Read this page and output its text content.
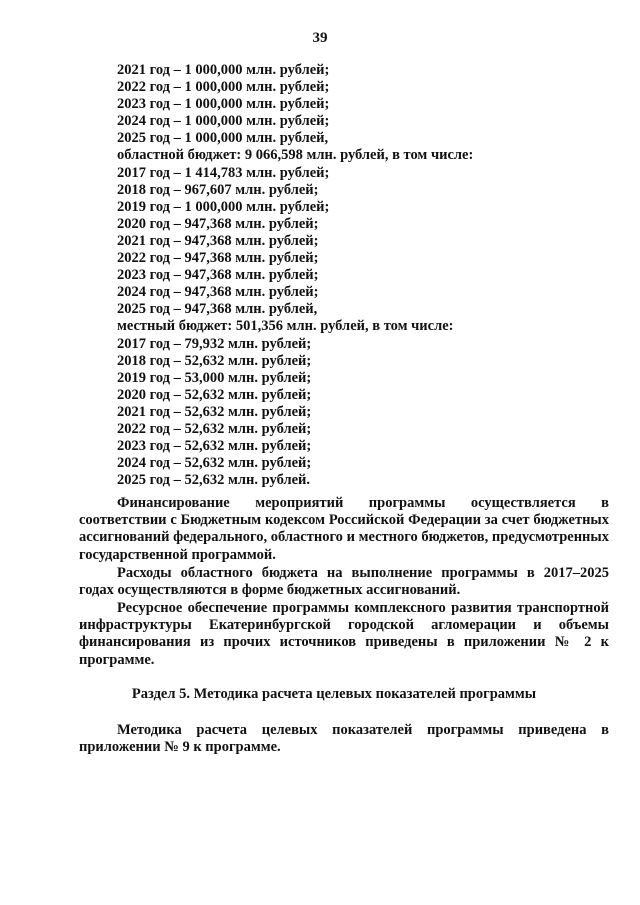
39
2021 год – 1 000,000 млн. рублей;
2022 год – 1 000,000 млн. рублей;
2023 год – 1 000,000 млн. рублей;
2024 год – 1 000,000 млн. рублей;
2025 год – 1 000,000 млн. рублей,
областной бюджет: 9 066,598 млн. рублей, в том числе:
2017 год – 1 414,783 млн. рублей;
2018 год – 967,607 млн. рублей;
2019 год – 1 000,000 млн. рублей;
2020 год – 947,368 млн. рублей;
2021 год – 947,368 млн. рублей;
2022 год – 947,368 млн. рублей;
2023 год – 947,368 млн. рублей;
2024 год – 947,368 млн. рублей;
2025 год – 947,368 млн. рублей,
местный бюджет: 501,356 млн. рублей, в том числе:
2017 год – 79,932 млн. рублей;
2018 год – 52,632 млн. рублей;
2019 год – 53,000 млн. рублей;
2020 год – 52,632 млн. рублей;
2021 год – 52,632 млн. рублей;
2022 год – 52,632 млн. рублей;
2023 год – 52,632 млн. рублей;
2024 год – 52,632 млн. рублей;
2025 год – 52,632 млн. рублей.

Финансирование мероприятий программы осуществляется в соответствии с Бюджетным кодексом Российской Федерации за счет бюджетных ассигнований федерального, областного и местного бюджетов, предусмотренных государственной программой.

Расходы областного бюджета на выполнение программы в 2017–2025 годах осуществляются в форме бюджетных ассигнований.

Ресурсное обеспечение программы комплексного развития транспортной инфраструктуры Екатеринбургской городской агломерации и объемы финансирования из прочих источников приведены в приложении № 2 к программе.

Раздел 5. Методика расчета целевых показателей программы

Методика расчета целевых показателей программы приведена в приложении № 9 к программе.
